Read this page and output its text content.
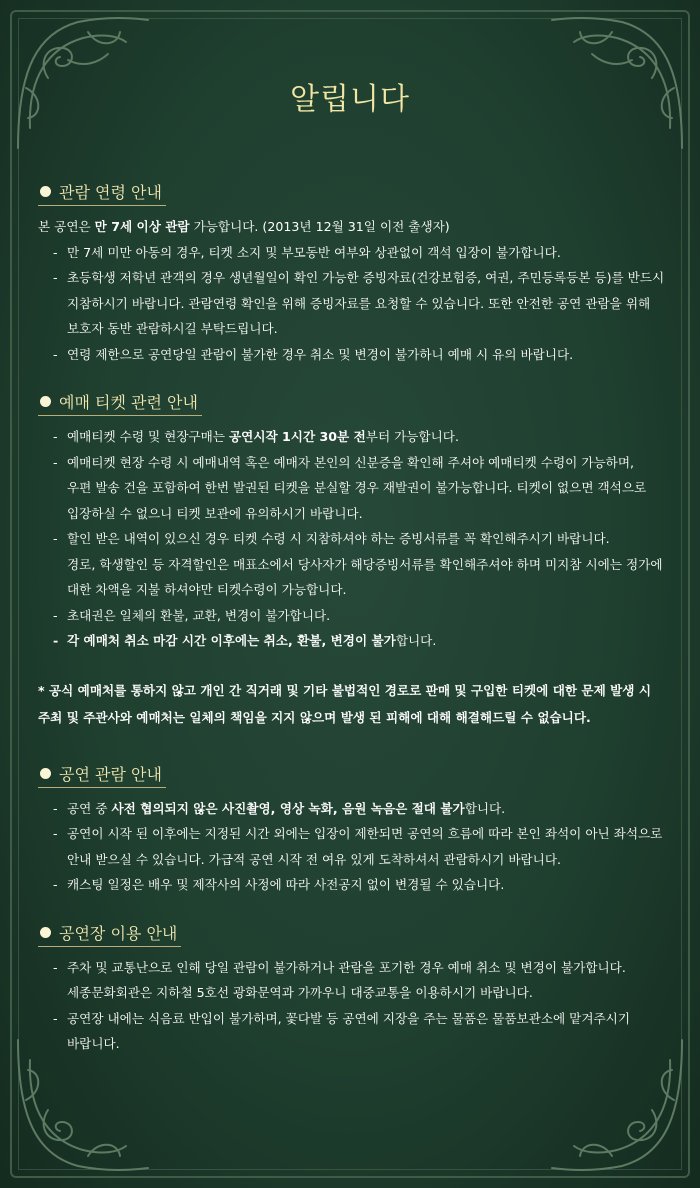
알립니다
관람 연령 안내
본 공연은 만 7세 이상 관람 가능합니다. (2013년 12월 31일 이전 출생자)
- 만 7세 미만 아동의 경우, 티켓 소지 및 부모동반 여부와 상관없이 객석 입장이 불가합니다.
- 초등학생 저학년 관객의 경우 생년월일이 확인 가능한 증빙자료(건강보험증, 여권, 주민등록등본 등)를 반드시
지참하시기 바랍니다. 관람연령 확인을 위해 증빙자료를 요청할 수 있습니다. 또한 안전한 공연 관람을 위해
보호자 동반 관람하시길 부탁드립니다.
- 연령 제한으로 공연당일 관람이 불가한 경우 취소 및 변경이 불가하니 예매 시 유의 바랍니다.
예매 티켓 관련 안내
- 예매티켓 수령 및 현장구매는 공연시작 1시간 30분 전부터 가능합니다.
- 예매티켓 현장 수령 시 예매내역 혹은 예매자 본인의 신분증을 확인해 주셔야 예매티켓 수령이 가능하며,
우편 발송 건을 포함하여 한번 발권된 티켓을 분실할 경우 재발권이 불가능합니다. 티켓이 없으면 객석으로
입장하실 수 없으니 티켓 보관에 유의하시기 바랍니다.
- 할인 받은 내역이 있으신 경우 티켓 수령 시 지참하셔야 하는 증빙서류를 꼭 확인해주시기 바랍니다.
경로, 학생할인 등 자격할인은 매표소에서 당사자가 해당증빙서류를 확인해주셔야 하며 미지참 시에는 정가에
대한 차액을 지불 하셔야만 티켓수령이 가능합니다.
- 초대권은 일체의 환불, 교환, 변경이 불가합니다.
- 각 예매처 취소 마감 시간 이후에는 취소, 환불, 변경이 불가합니다.
* 공식 예매처를 통하지 않고 개인 간 직거래 및 기타 불법적인 경로로 판매 및 구입한 티켓에 대한 문제 발생 시
주최 및 주관사와 예매처는 일체의 책임을 지지 않으며 발생 된 피해에 대해 해결해드릴 수 없습니다.
공연 관람 안내
- 공연 중 사전 협의되지 않은 사진촬영, 영상 녹화, 음원 녹음은 절대 불가합니다.
- 공연이 시작 된 이후에는 지정된 시간 외에는 입장이 제한되면 공연의 흐름에 따라 본인 좌석이 아닌 좌석으로
안내 받으실 수 있습니다. 가급적 공연 시작 전 여유 있게 도착하셔서 관람하시기 바랍니다.
- 캐스팅 일정은 배우 및 제작사의 사정에 따라 사전공지 없이 변경될 수 있습니다.
공연장 이용 안내
- 주차 및 교통난으로 인해 당일 관람이 불가하거나 관람을 포기한 경우 예매 취소 및 변경이 불가합니다.
세종문화회관은 지하철 5호선 광화문역과 가까우니 대중교통을 이용하시기 바랍니다.
- 공연장 내에는 식음료 반입이 불가하며, 꽃다발 등 공연에 지장을 주는 물품은 물품보관소에 맡겨주시기
바랍니다.
